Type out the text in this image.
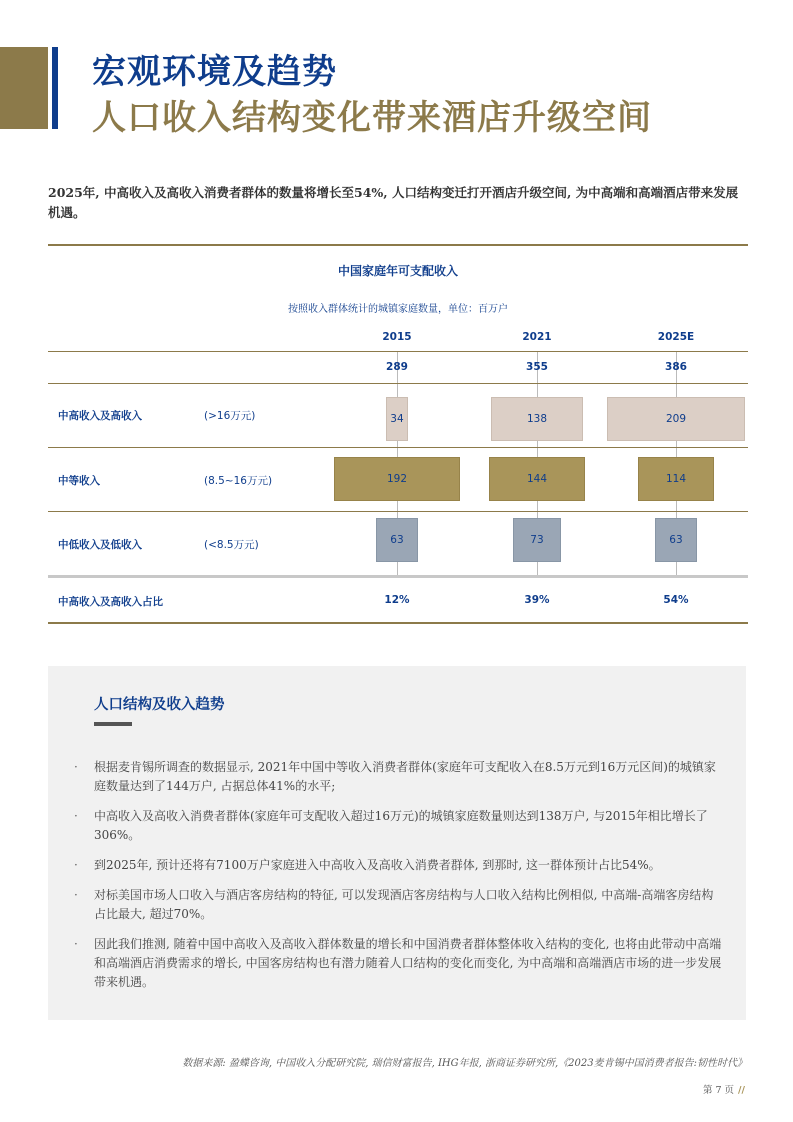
宏观环境及趋势
人口收入结构变化带来酒店升级空间
2025年, 中高收入及高收入消费者群体的数量将增长至54%, 人口结构变迁打开酒店升级空间, 为中高端和高端酒店带来发展机遇。
中国家庭年可支配收入
按照收入群体统计的城镇家庭数量，单位：百万户
2015	2021	2025E
289	355	386
中高收入及高收入	(>16万元)	34	138	209
中等收入	(8.5~16万元)	192	144	114
中低收入及低收入	(<8.5万元)	63	73	63
中高收入及高收入占比	12%	39%	54%
人口结构及收入趋势
· 根据麦肯锡所调查的数据显示, 2021年中国中等收入消费者群体(家庭年可支配收入在8.5万元到16万元区间)的城镇家庭数量达到了144万户, 占据总体41%的水平;
· 中高收入及高收入消费者群体(家庭年可支配收入超过16万元)的城镇家庭数量则达到138万户, 与2015年相比增长了306%。
· 到2025年, 预计还将有7100万户家庭进入中高收入及高收入消费者群体, 到那时, 这一群体预计占比54%。
· 对标美国市场人口收入与酒店客房结构的特征, 可以发现酒店客房结构与人口收入结构比例相似, 中高端-高端客房结构占比最大, 超过70%。
· 因此我们推测, 随着中国中高收入及高收入群体数量的增长和中国消费者群体整体收入结构的变化, 也将由此带动中高端和高端酒店消费需求的增长, 中国客房结构也有潜力随着人口结构的变化而变化, 为中高端和高端酒店市场的进一步发展带来机遇。
数据来源: 盈蝶咨询, 中国收入分配研究院, 瑞信财富报告, IHG年报, 浙商证券研究所,《2023麦肯锡中国消费者报告:韧性时代》
第 7 页 //
